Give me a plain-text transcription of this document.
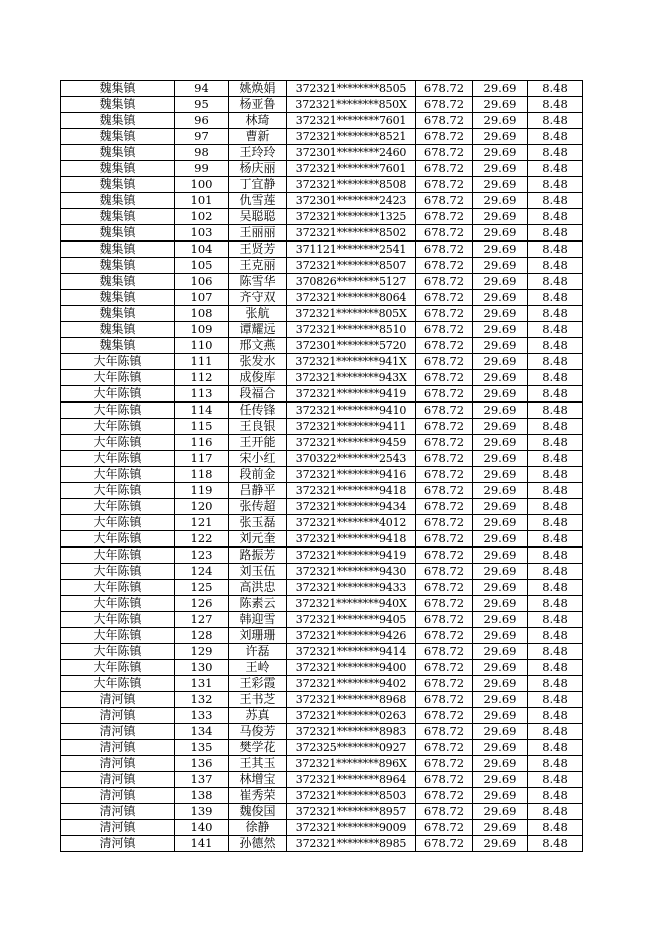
魏集镇	94	姚焕娟	372321********8505	678.72	29.69	8.48
魏集镇	95	杨亚鲁	372321********850X	678.72	29.69	8.48
魏集镇	96	林琦	372321********7601	678.72	29.69	8.48
魏集镇	97	曹新	372321********8521	678.72	29.69	8.48
魏集镇	98	王玲玲	372301********2460	678.72	29.69	8.48
魏集镇	99	杨庆丽	372321********7601	678.72	29.69	8.48
魏集镇	100	丁宜静	372321********8508	678.72	29.69	8.48
魏集镇	101	仇雪莲	372301********2423	678.72	29.69	8.48
魏集镇	102	吴聪聪	372321********1325	678.72	29.69	8.48
魏集镇	103	王丽丽	372321********8502	678.72	29.69	8.48
魏集镇	104	王贤芳	371121********2541	678.72	29.69	8.48
魏集镇	105	王克丽	372321********8507	678.72	29.69	8.48
魏集镇	106	陈雪华	370826********5127	678.72	29.69	8.48
魏集镇	107	齐守双	372321********8064	678.72	29.69	8.48
魏集镇	108	张航	372321********805X	678.72	29.69	8.48
魏集镇	109	谭耀远	372321********8510	678.72	29.69	8.48
魏集镇	110	邢文燕	372301********5720	678.72	29.69	8.48
大年陈镇	111	张发水	372321********941X	678.72	29.69	8.48
大年陈镇	112	成俊库	372321********943X	678.72	29.69	8.48
大年陈镇	113	段福合	372321********9419	678.72	29.69	8.48
大年陈镇	114	任传锋	372321********9410	678.72	29.69	8.48
大年陈镇	115	王良银	372321********9411	678.72	29.69	8.48
大年陈镇	116	王开能	372321********9459	678.72	29.69	8.48
大年陈镇	117	宋小红	370322********2543	678.72	29.69	8.48
大年陈镇	118	段前金	372321********9416	678.72	29.69	8.48
大年陈镇	119	吕静平	372321********9418	678.72	29.69	8.48
大年陈镇	120	张传超	372321********9434	678.72	29.69	8.48
大年陈镇	121	张玉磊	372321********4012	678.72	29.69	8.48
大年陈镇	122	刘元奎	372321********9418	678.72	29.69	8.48
大年陈镇	123	路振芳	372321********9419	678.72	29.69	8.48
大年陈镇	124	刘玉伍	372321********9430	678.72	29.69	8.48
大年陈镇	125	高洪忠	372321********9433	678.72	29.69	8.48
大年陈镇	126	陈素云	372321********940X	678.72	29.69	8.48
大年陈镇	127	韩迎雪	372321********9405	678.72	29.69	8.48
大年陈镇	128	刘珊珊	372321********9426	678.72	29.69	8.48
大年陈镇	129	许磊	372321********9414	678.72	29.69	8.48
大年陈镇	130	王岭	372321********9400	678.72	29.69	8.48
大年陈镇	131	王彩霞	372321********9402	678.72	29.69	8.48
清河镇	132	王书芝	372321********8968	678.72	29.69	8.48
清河镇	133	苏真	372321********0263	678.72	29.69	8.48
清河镇	134	马俊芳	372321********8983	678.72	29.69	8.48
清河镇	135	樊学花	372325********0927	678.72	29.69	8.48
清河镇	136	王其玉	372321********896X	678.72	29.69	8.48
清河镇	137	林增宝	372321********8964	678.72	29.69	8.48
清河镇	138	崔秀荣	372321********8503	678.72	29.69	8.48
清河镇	139	魏俊国	372321********8957	678.72	29.69	8.48
清河镇	140	徐静	372321********9009	678.72	29.69	8.48
清河镇	141	孙德然	372321********8985	678.72	29.69	8.48
